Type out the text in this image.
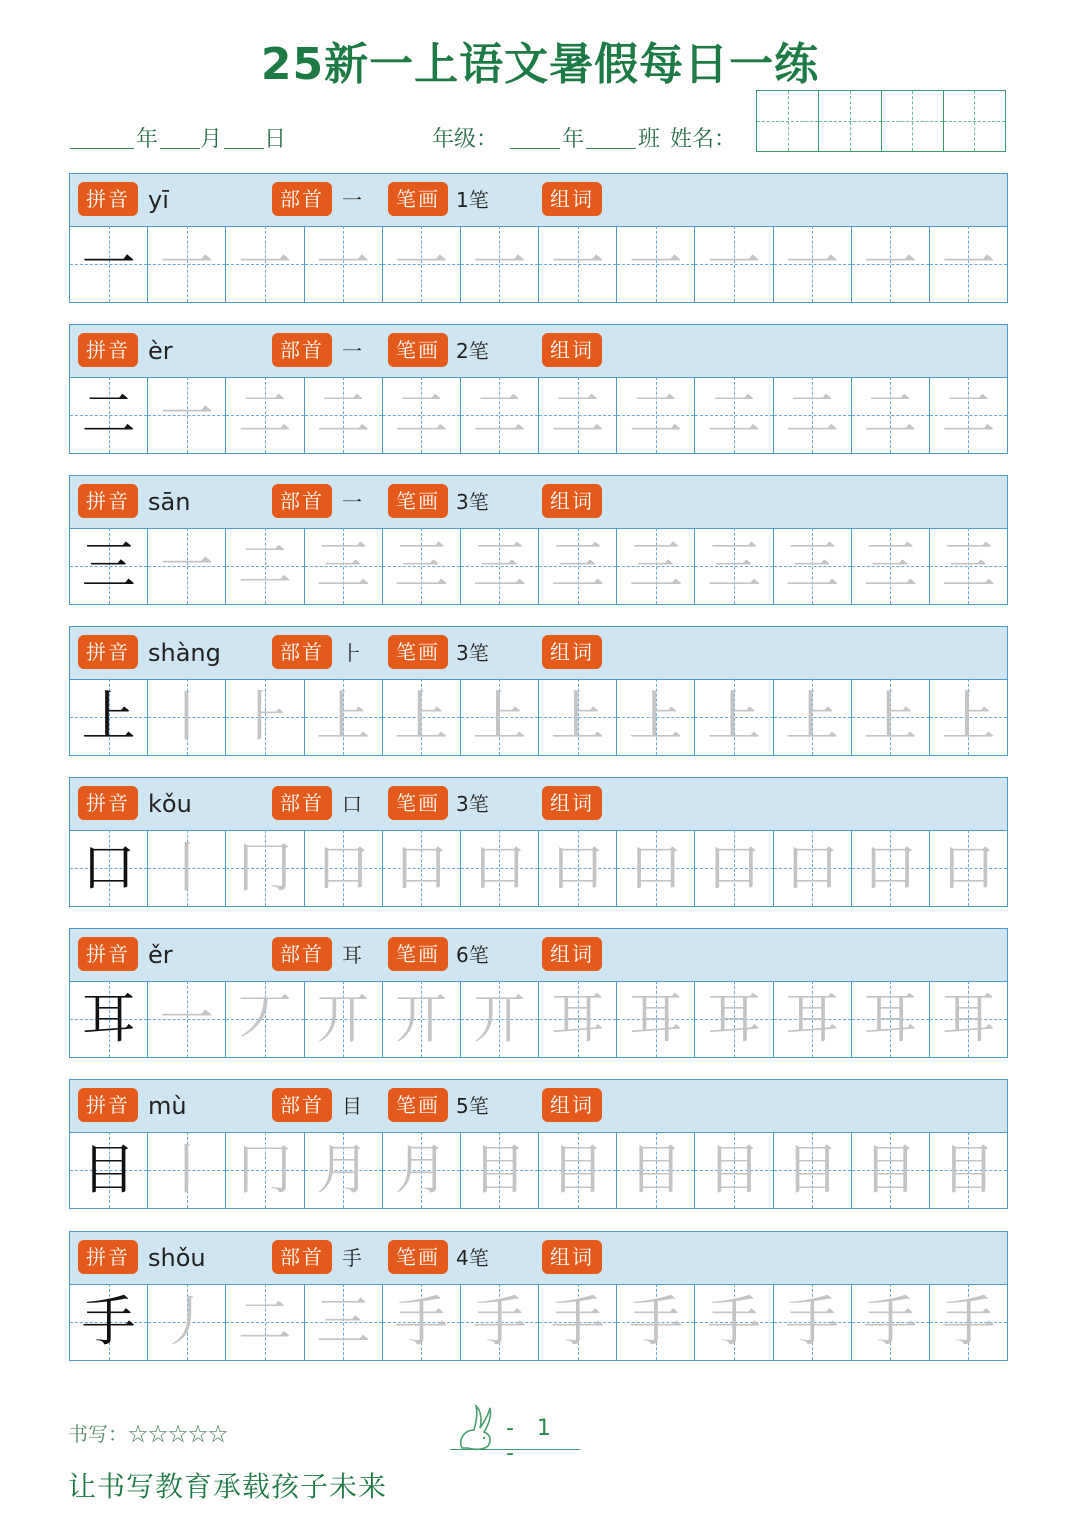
25新一上语文暑假每日一练
年 月 日	年级：	年 班 姓名：
拼音 yī	部首 一	笔画 1笔	组词
一 一 一 一 一 一 一 一 一 一 一 一
拼音 èr	部首 一	笔画 2笔	组词
二 一 二 二 二 二 二 二 二 二 二 二
拼音 sān	部首 一	笔画 3笔	组词
三 一 二 三 三 三 三 三 三 三 三 三
拼音 shàng	部首 ⺊	笔画 3笔	组词
上 丨 ⺊ 上 上 上 上 上 上 上 上 上
拼音 kǒu	部首 口	笔画 3笔	组词
口 丨 冂 口 口 口 口 口 口 口 口 口
拼音 ěr	部首 耳	笔画 6笔	组词
耳 一 丆 丌 丌 丌 耳 耳 耳 耳 耳 耳
拼音 mù	部首 目	笔画 5笔	组词
目 丨 冂 月 月 目 目 目 目 目 目 目
拼音 shǒu	部首 手	笔画 4笔	组词
手 丿 二 三 手 手 手 手 手 手 手 手
书写：☆☆☆☆☆	- 1 -
让书写教育承载孩子未来
